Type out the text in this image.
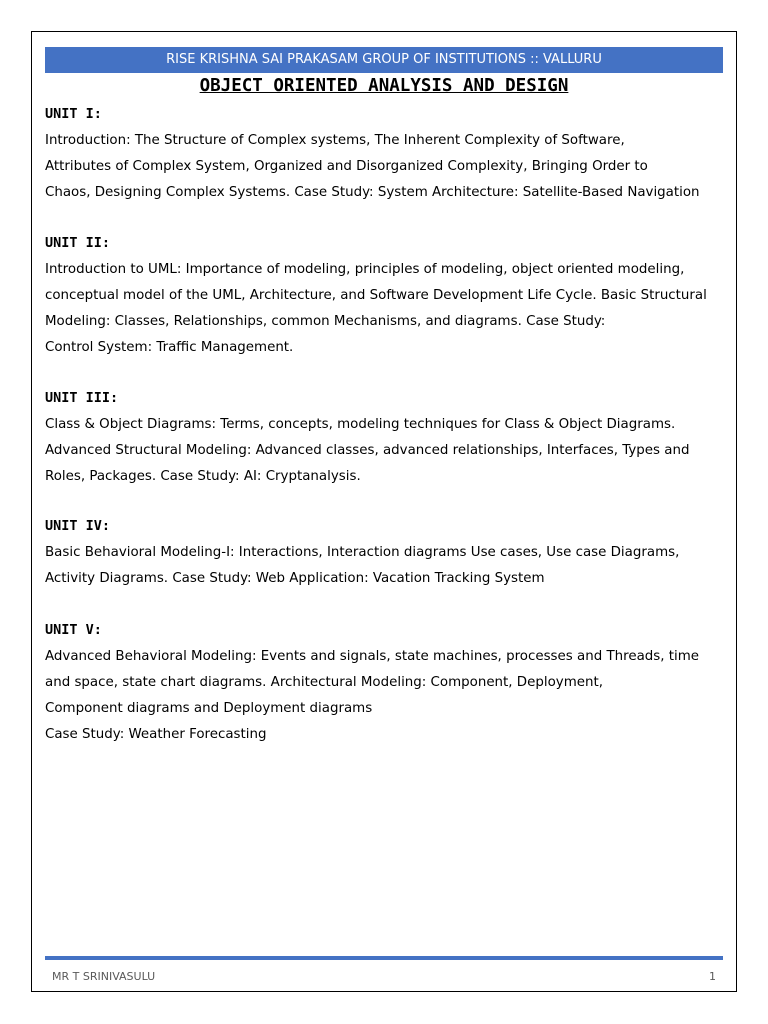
RISE KRISHNA SAI PRAKASAM GROUP OF INSTITUTIONS :: VALLURU
OBJECT ORIENTED ANALYSIS AND DESIGN
UNIT I:
Introduction: The Structure of Complex systems, The Inherent Complexity of Software,
Attributes of Complex System, Organized and Disorganized Complexity, Bringing Order to
Chaos, Designing Complex Systems. Case Study: System Architecture: Satellite-Based Navigation
UNIT II:
Introduction to UML: Importance of modeling, principles of modeling, object oriented modeling,
conceptual model of the UML, Architecture, and Software Development Life Cycle. Basic Structural
Modeling: Classes, Relationships, common Mechanisms, and diagrams. Case Study:
Control System: Traffic Management.
UNIT III:
Class & Object Diagrams: Terms, concepts, modeling techniques for Class & Object Diagrams.
Advanced Structural Modeling: Advanced classes, advanced relationships, Interfaces, Types and
Roles, Packages. Case Study: AI: Cryptanalysis.
UNIT IV:
Basic Behavioral Modeling-I: Interactions, Interaction diagrams Use cases, Use case Diagrams,
Activity Diagrams. Case Study: Web Application: Vacation Tracking System
UNIT V:
Advanced Behavioral Modeling: Events and signals, state machines, processes and Threads, time
and space, state chart diagrams. Architectural Modeling: Component, Deployment,
Component diagrams and Deployment diagrams
Case Study: Weather Forecasting
MR T SRINIVASULU	1
